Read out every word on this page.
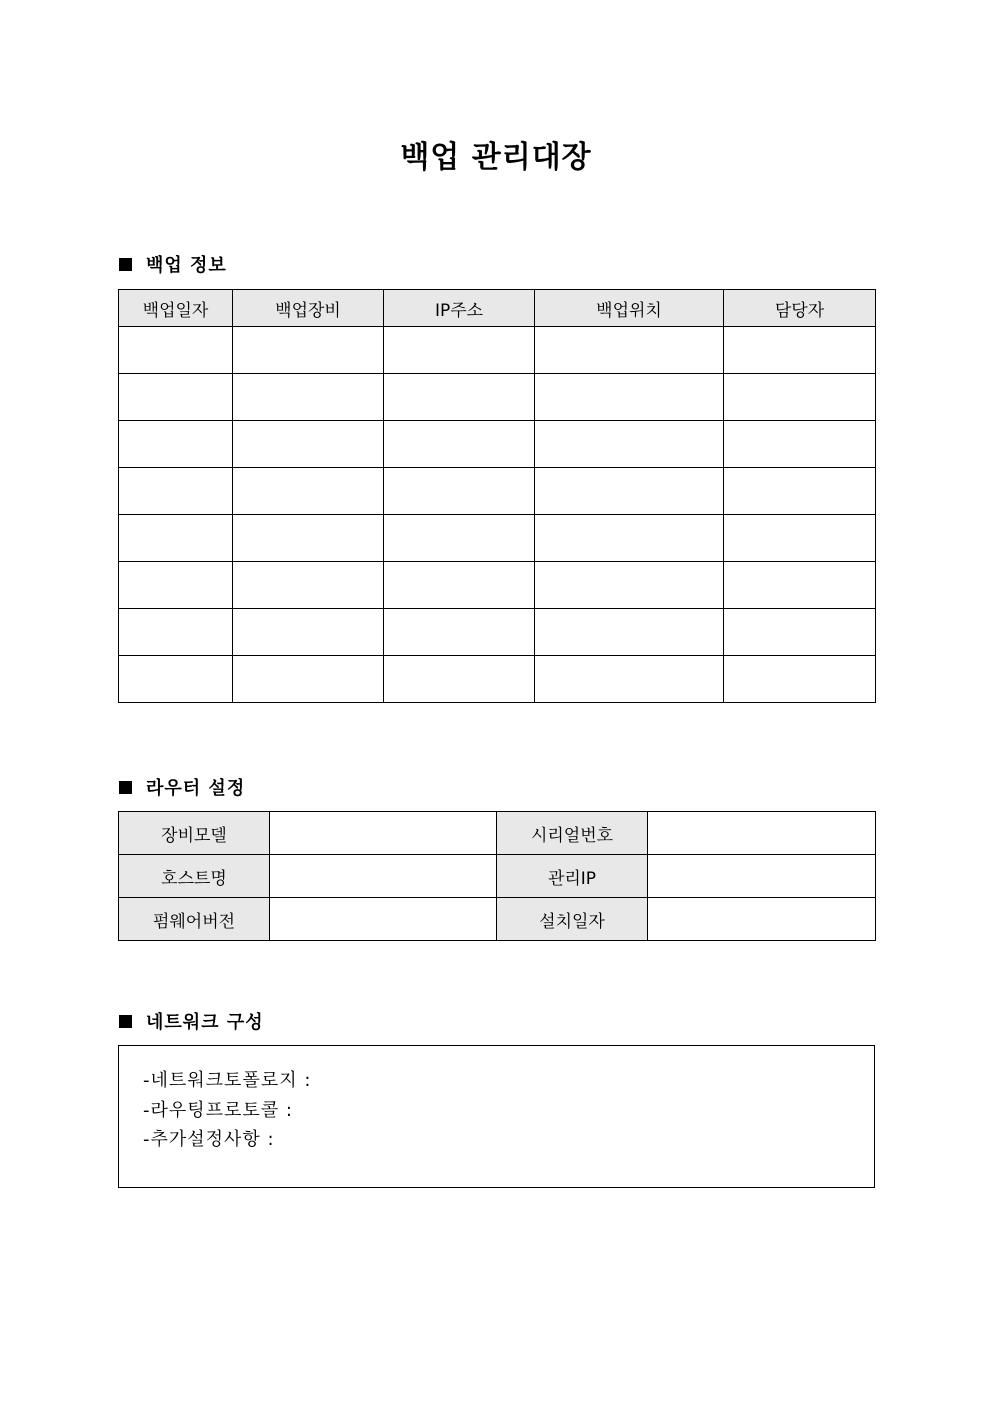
백업 관리대장
백업 정보
백업일자	백업장비	IP주소	백업위치	담당자

라우터 설정
장비모델		시리얼번호	
호스트명		관리IP	
펌웨어버전		설치일자	
네트워크 구성
-네트워크토폴로지 :
-라우팅프로토콜 :
-추가설정사항 :
